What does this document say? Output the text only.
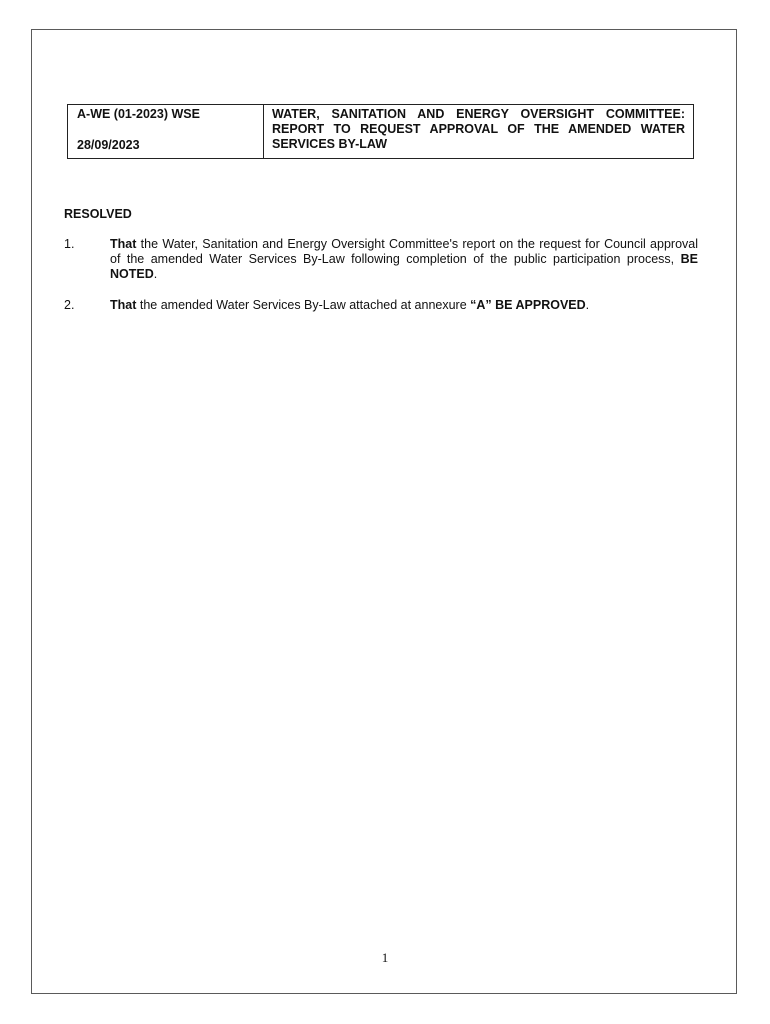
A-WE (01-2023) WSE
28/09/2023
	WATER, SANITATION AND ENERGY OVERSIGHT COMMITTEE: REPORT TO REQUEST APPROVAL OF THE AMENDED WATER SERVICES BY-LAW
RESOLVED
1.	That the Water, Sanitation and Energy Oversight Committee's report on the request for Council approval of the amended Water Services By-Law following completion of the public participation process, BE NOTED.
2.	That the amended Water Services By-Law attached at annexure “A” BE APPROVED.
1
